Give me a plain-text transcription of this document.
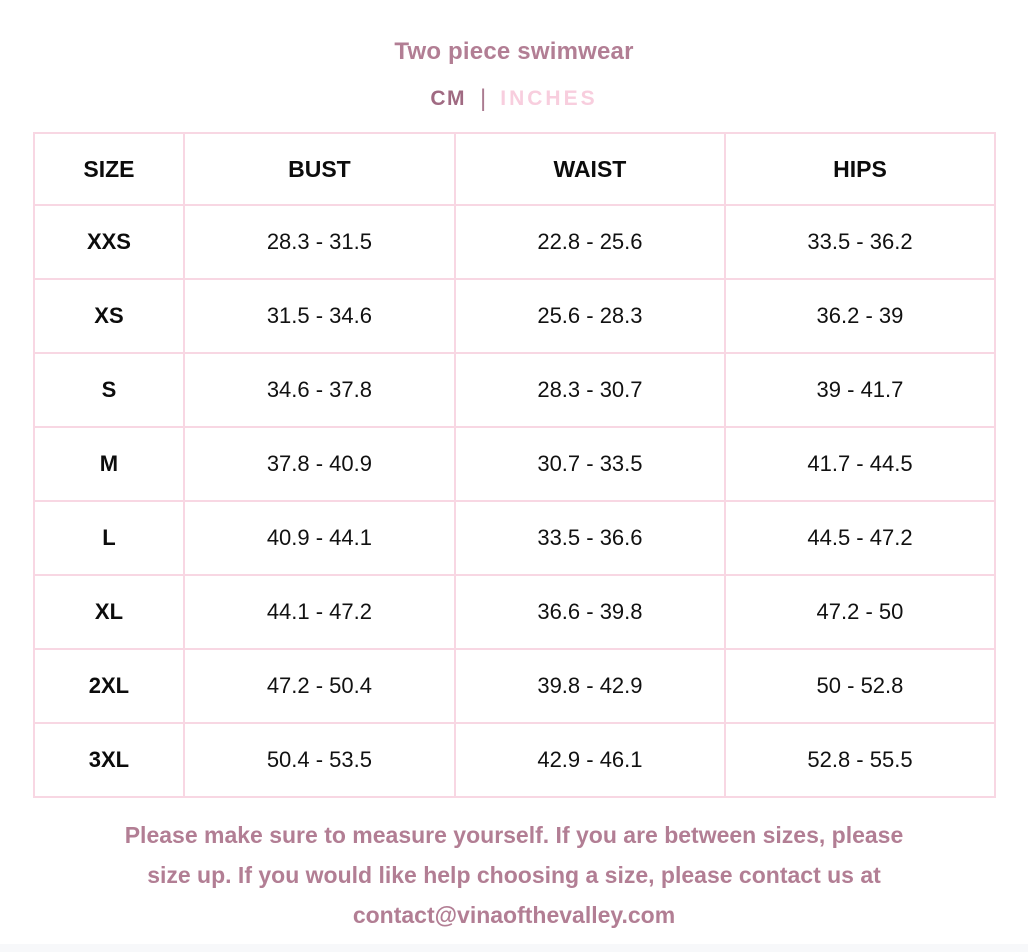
Two piece swimwear
CM | INCHES
SIZE	BUST	WAIST	HIPS
XXS	28.3 - 31.5	22.8 - 25.6	33.5 - 36.2
XS	31.5 - 34.6	25.6 - 28.3	36.2 - 39
S	34.6 - 37.8	28.3 - 30.7	39 - 41.7
M	37.8 - 40.9	30.7 - 33.5	41.7 - 44.5
L	40.9 - 44.1	33.5 - 36.6	44.5 - 47.2
XL	44.1 - 47.2	36.6 - 39.8	47.2 - 50
2XL	47.2 - 50.4	39.8 - 42.9	50 - 52.8
3XL	50.4 - 53.5	42.9 - 46.1	52.8 - 55.5

Please make sure to measure yourself. If you are between sizes, please
size up. If you would like help choosing a size, please contact us at
contact@vinaofthevalley.com
